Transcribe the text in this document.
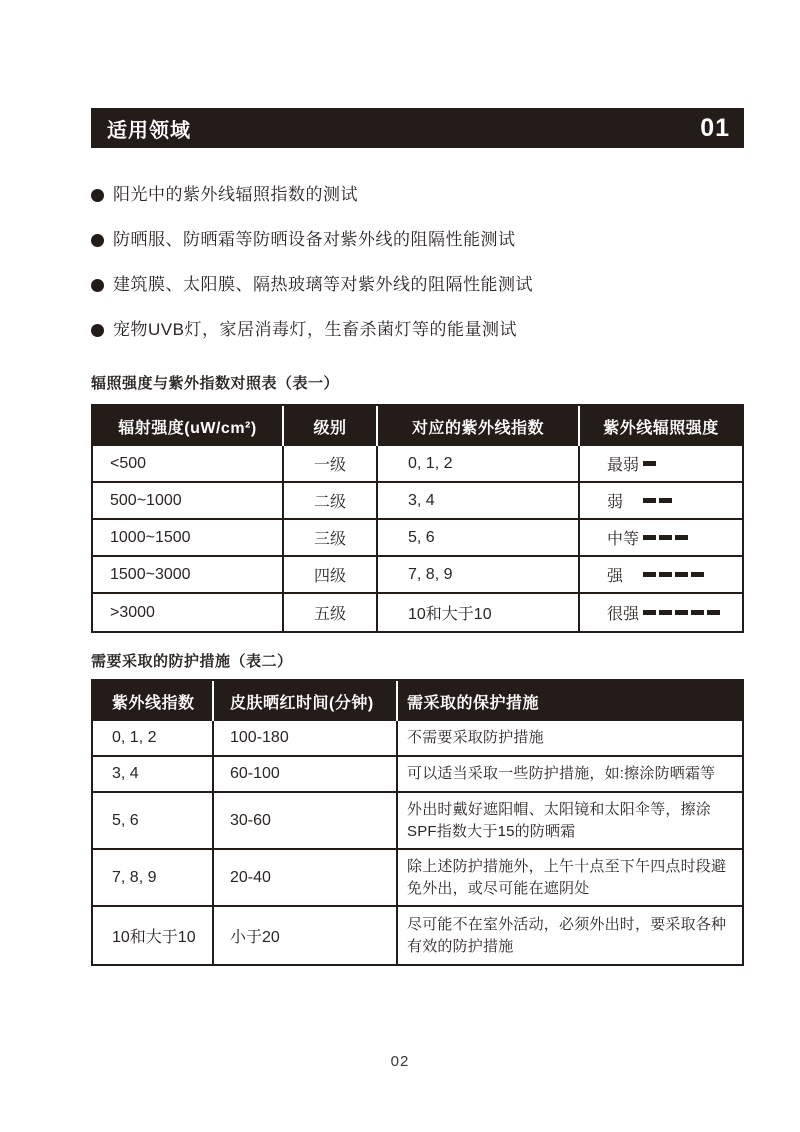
适用领域	01
阳光中的紫外线辐照指数的测试
防晒服、防晒霜等防晒设备对紫外线的阻隔性能测试
建筑膜、太阳膜、隔热玻璃等对紫外线的阻隔性能测试
宠物UVB灯，家居消毒灯，生畜杀菌灯等的能量测试
辐照强度与紫外指数对照表（表一）
辐射强度(uW/cm²)	级别	对应的紫外线指数	紫外线辐照强度
<500	一级	0, 1, 2	最弱
500~1000	二级	3, 4	弱
1000~1500	三级	5, 6	中等
1500~3000	四级	7, 8, 9	强
>3000	五级	10和大于10	很强
需要采取的防护措施（表二）
紫外线指数	皮肤晒红时间(分钟)	需采取的保护措施
0, 1, 2	100-180	不需要采取防护措施
3, 4	60-100	可以适当采取一些防护措施，如:擦涂防晒霜等
5, 6	30-60	外出时戴好遮阳帽、太阳镜和太阳伞等，擦涂SPF指数大于15的防晒霜
7, 8, 9	20-40	除上述防护措施外，上午十点至下午四点时段避免外出，或尽可能在遮阴处
10和大于10	小于20	尽可能不在室外活动，必须外出时，要采取各种有效的防护措施
02
